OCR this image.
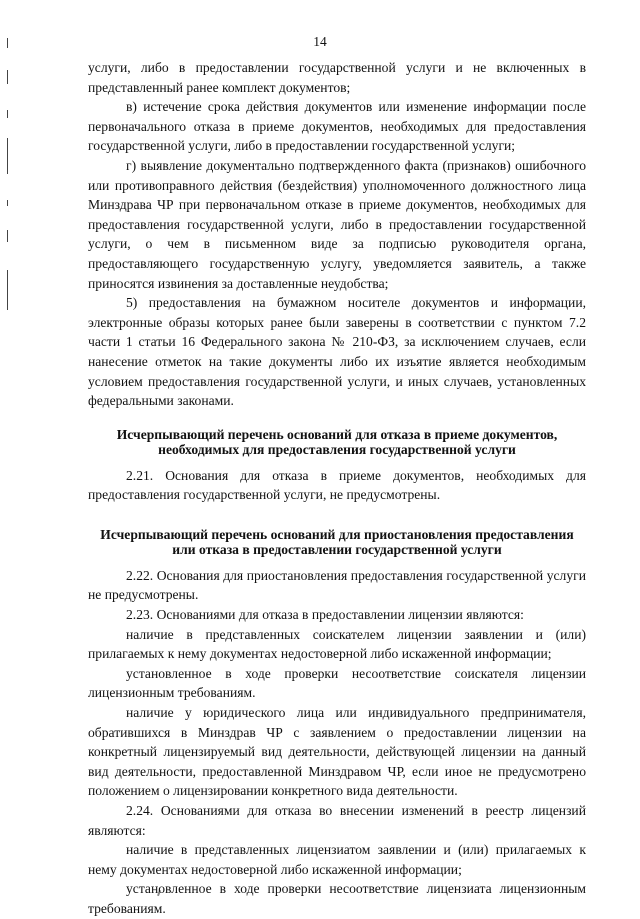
14

услуги, либо в предоставлении государственной услуги и не включенных в представленный ранее комплект документов;

в) истечение срока действия документов или изменение информации после первоначального отказа в приеме документов, необходимых для предоставления государственной услуги, либо в предоставлении государственной услуги;

г) выявление документально подтвержденного факта (признаков) ошибочного или противоправного действия (бездействия) уполномоченного должностного лица Минздрава ЧР при первоначальном отказе в приеме документов, необходимых для предоставления государственной услуги, либо в предоставлении государственной услуги, о чем в письменном виде за подписью руководителя органа, предоставляющего государственную услугу, уведомляется заявитель, а также приносятся извинения за доставленные неудобства;

5) предоставления на бумажном носителе документов и информации, электронные образы которых ранее были заверены в соответствии с пунктом 7.2 части 1 статьи 16 Федерального закона № 210-ФЗ, за исключением случаев, если нанесение отметок на такие документы либо их изъятие является необходимым условием предоставления государственной услуги, и иных случаев, установленных федеральными законами.

Исчерпывающий перечень оснований для отказа в приеме документов, необходимых для предоставления государственной услуги

2.21. Основания для отказа в приеме документов, необходимых для предоставления государственной услуги, не предусмотрены.

Исчерпывающий перечень оснований для приостановления предоставления или отказа в предоставлении государственной услуги

2.22. Основания для приостановления предоставления государственной услуги не предусмотрены.

2.23. Основаниями для отказа в предоставлении лицензии являются:

наличие в представленных соискателем лицензии заявлении и (или) прилагаемых к нему документах недостоверной либо искаженной информации;

установленное в ходе проверки несоответствие соискателя лицензии лицензионным требованиям.

наличие у юридического лица или индивидуального предпринимателя, обратившихся в Минздрав ЧР с заявлением о предоставлении лицензии на конкретный лицензируемый вид деятельности, действующей лицензии на данный вид деятельности, предоставленной Минздравом ЧР, если иное не предусмотрено положением о лицензировании конкретного вида деятельности.

2.24. Основаниями для отказа во внесении изменений в реестр лицензий являются:

наличие в представленных лицензиатом заявлении и (или) прилагаемых к нему документах недостоверной либо искаженной информации;

установленное в ходе проверки несоответствие лицензиата лицензионным требованиям.
